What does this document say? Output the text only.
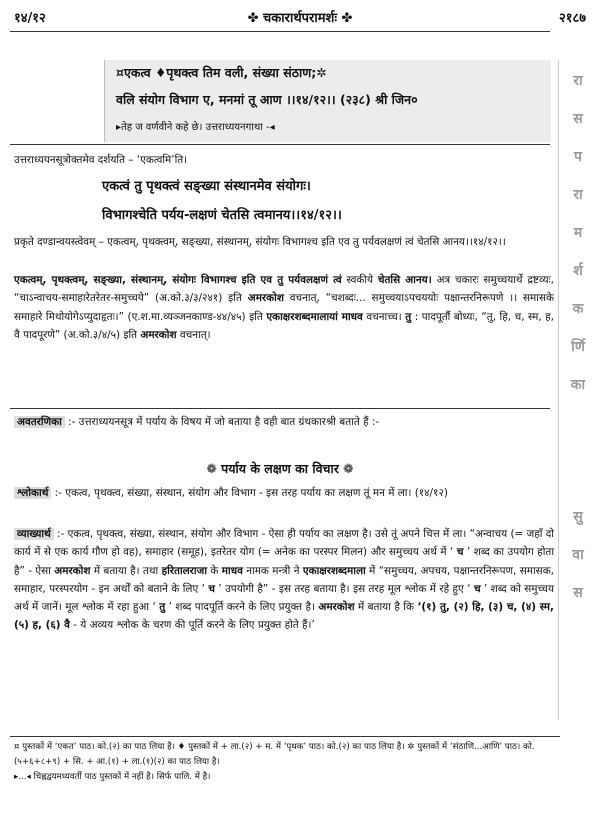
१४/१२	✤ चकारार्थपरामर्शः ✤	२१८७
¤एकत्व ♦पृथक्त्व तिम वली, संख्या संठाण;✲
वलि संयोग विभाग ए, मनमां तू आण ।।१४/१२।। (२३८) श्री जिन०
▸तेह ज वर्णवीने कहे छे। उत्तराध्ययनगाथा -◂
रा
स
प
रा
म
र्श
क
र्णि
का
सु
वा
स
उत्तराध्ययनसूत्रोक्तमेव दर्शयति – ‘एकत्वमि’ति।
एकत्वं तु पृथक्त्वं सङ्ख्या संस्थानमेव संयोगः।
विभागश्चेति पर्यय-लक्षणं चेतसि त्वमानय।।१४/१२।।
प्रकृते दण्डान्वयस्त्वेवम् – एकत्वम्, पृथक्त्वम्, सङ्ख्या, संस्थानम्, संयोगः विभागश्च इति एव तु पर्यवलक्षणं त्वं चेतसि आनय।।१४/१२।।
एकत्वम्, पृथक्त्वम्, सङ्ख्या, संस्थानम्, संयोगः विभागश्च इति एव तु पर्यवलक्षणं त्वं स्वकीये चेतसि आनय। अत्र चकारः समुच्चयार्थे द्रष्टव्यः, “चाऽन्वाचय-समाहारेतरेतर-समुच्चये” (अ.को.३/३/२४१) इति अमरकोश वचनात्, “चशब्दः... समुच्चयाऽपचययोः पक्षान्तरनिरूपणे ।। समासके समाहारे मिथोयोगेऽप्युदाहृतः।” (ए.श.मा.व्यञ्जनकाण्ड-४४/४५) इति एकाक्षरशब्दमालायां माधव वचनाच्च। तु : पादपूर्तौ बोध्यः, “तु, हि, च, स्म, ह, वै पादपूरणे” (अ.को.३/४/५) इति अमरकोश वचनात्।
अवतरणिका :- उत्तराध्ययनसूत्र में पर्याय के विषय में जो बताया है वही बात ग्रंथकारश्री बताते हैं :-
❁ पर्याय के लक्षण का विचार ❁
श्लोकार्थ :- एकत्व, पृथक्त्व, संख्या, संस्थान, संयोग और विभाग - इस तरह पर्याय का लक्षण तूं मन में ला। (१४/१२)
व्याख्यार्थ :- एकत्व, पृथक्त्व, संख्या, संस्थान, संयोग और विभाग - ऐसा ही पर्याय का लक्षण है। उसे तूं अपने चित्त में ला। “अन्वाचय (= जहाँ दो कार्य में से एक कार्य गौण हो वह), समाहार (समूह), इतरेतर योग (= अनेक का परस्पर मिलन) और समुच्चय अर्थ में ‘ च ’ शब्द का उपयोग होता है” - ऐसा अमरकोश में बताया है। तथा हरितालराजा के माधव नामक मन्त्री ने एकाक्षरशब्दमाला में “समुच्चय, अपचय, पक्षान्तरनिरूपण, समासक, समाहार, परस्परयोग - इन अर्थों को बताने के लिए ‘ च ’ उपयोगी है” - इस तरह बताया है। इस तरह मूल श्लोक में रहे हुए ‘ च ’ शब्द को समुच्चय अर्थ में जानें। मूल श्लोक में रहा हुआ ‘ तु ’ शब्द पादपूर्ति करने के लिए प्रयुक्त है। अमरकोश में बताया है कि ‘(१) तु, (२) हि, (३) च, (४) स्म, (५) ह, (६) वै - ये अव्यय श्लोक के चरण की पूर्ति करने के लिए प्रयुक्त होते हैं।’
¤ पुस्तकों में ‘एकत’ पाठ। को.(२) का पाठ लिया है। ♦ पुस्तकों में + ला.(२) + म. में ‘पृथक’ पाठ। को.(२) का पाठ लिया है। ✲ पुस्तकों में ‘संठाणि...आणि’ पाठ। को.(५+६+८+९) + सि. + आ.(१) + ला.(१)(२) का पाठ लिया है।
▸...◂ चिह्नद्वयमध्यवर्ती पाठ पुस्तकों में नहीं है। सिर्फ पालि. में है।
